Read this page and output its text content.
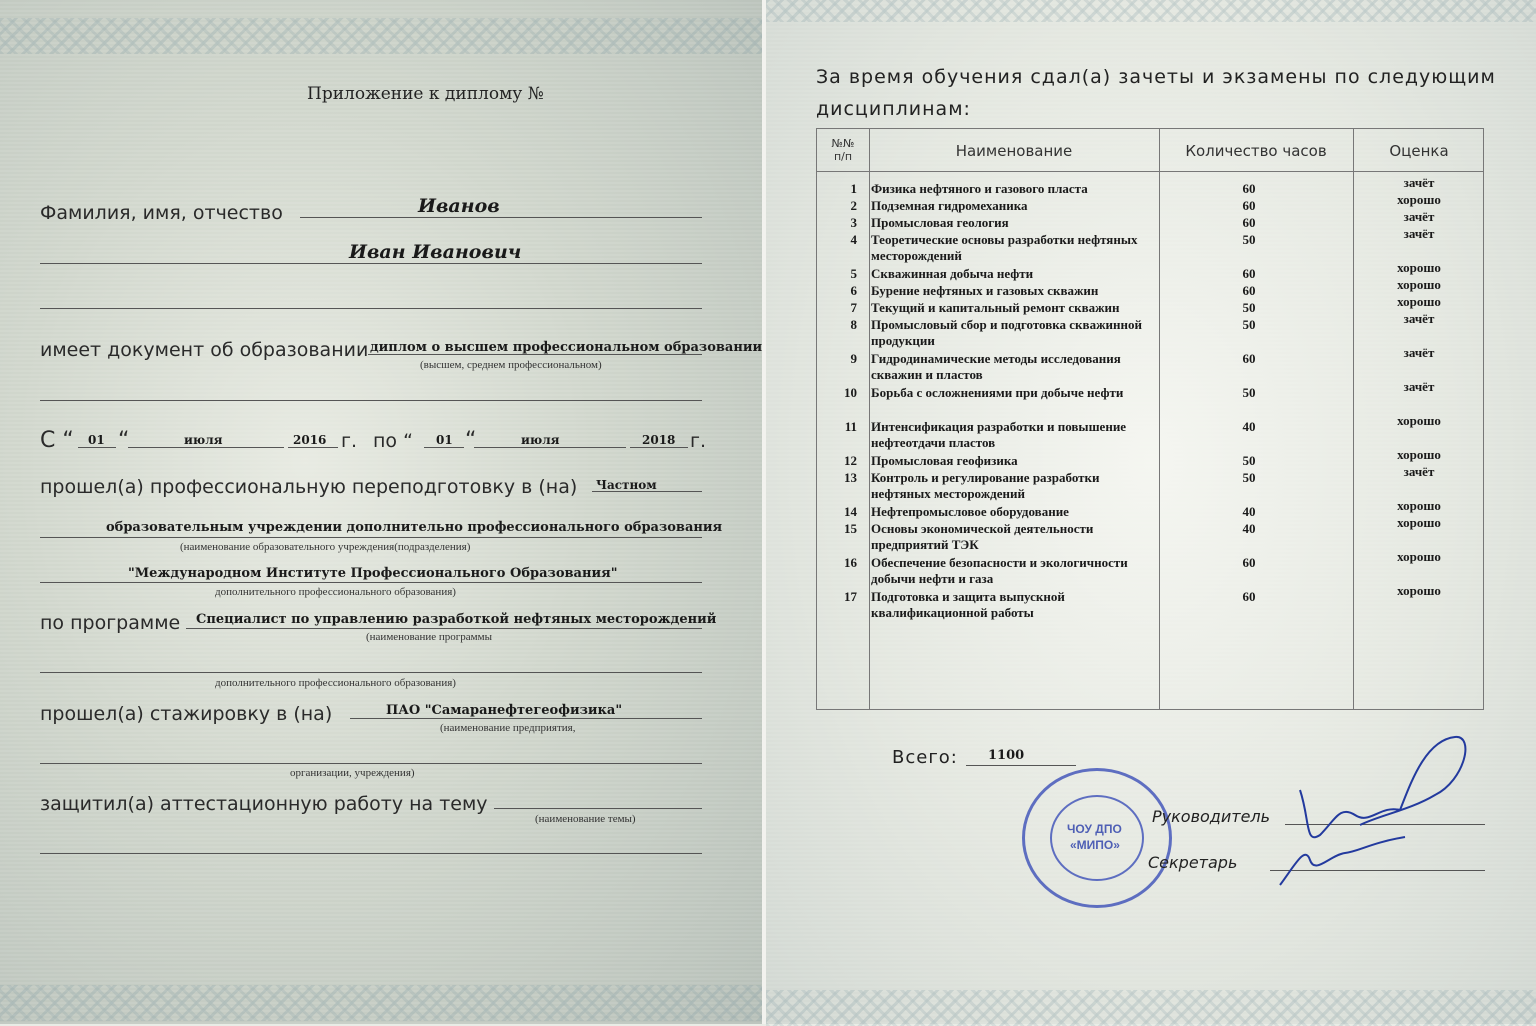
Приложение к диплому №
Фамилия, имя, отчество	Иванов
Иван Иванович
имеет документ об образовании диплом о высшем профессиональном образовании
(высшем, среднем профессиональном)
С “ 01 “	июля	2016 г. по “ 01 “	июля	2018 г.
прошел(а) профессиональную переподготовку в (на) Частном
образовательным учреждении дополнительно профессионального образования
(наименование образовательного учреждения(подразделения)
"Международном Институте Профессионального Образования"
дополнительного профессионального образования)
по программе Специалист по управлению разработкой нефтяных месторождений
(наименование программы
дополнительного профессионального образования)
прошел(а) стажировку в (на)	ПАО "Самаранефтегеофизика"
(наименование предприятия,
организации, учреждения)
защитил(а) аттестационную работу на тему
(наименование темы)
За время обучения сдал(а) зачеты и экзамены по следующим
дисциплинам:
№№
п/п	Наименование	Количество часов	Оценка
1 Физика нефтяного и газового пласта	60	зачёт
2 Подземная гидромеханика	60	хорошо
3 Промысловая геология	60	зачёт
4 Теоретические основы разработки нефтяных месторождений
50	зачёт
5 Скважинная добыча нефти	60	хорошо
6 Бурение нефтяных и газовых скважин	60	хорошо
7 Текущий и капитальный ремонт скважин	50	хорошо
8 Промысловый сбор и подготовка скважинной продукции
50	зачёт
9 Гидродинамические методы исследования скважин и пластов
60	зачёт
10 Борьба с осложнениями при добыче нефти	50	зачёт
11 Интенсификация разработки и повышение нефтеотдачи пластов
40	хорошо
12 Промысловая геофизика	50	хорошо
13 Контроль и регулирование разработки нефтяных месторождений
50	зачёт
14 Нефтепромысловое оборудование	40	хорошо
15 Основы экономической деятельности предприятий ТЭК
40	хорошо
16 Обеспечение безопасности и экологичности добычи нефти и газа
60	хорошо
17 Подготовка и защита выпускной квалификационной работы
60	хорошо
Всего: 1100
ЧОУ ДПО
«МИПО»
Руководитель
Секретарь
